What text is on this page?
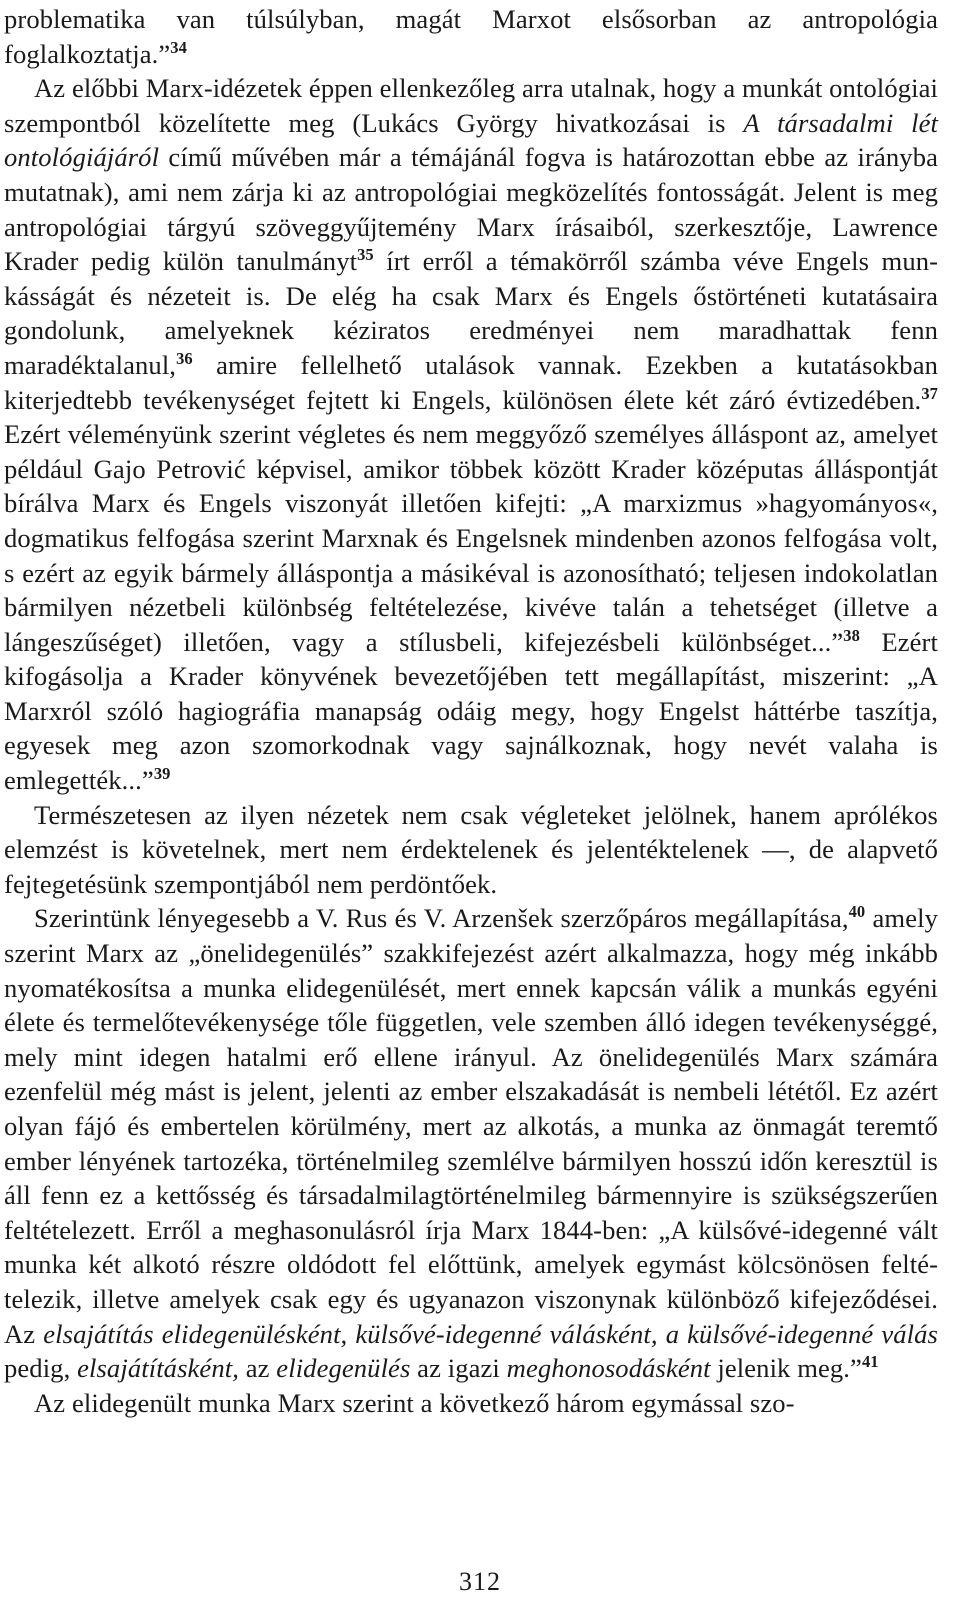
problematika van túlsúlyban, magát Marxot elsősorban az antropológia foglalkoztatja.”$^{34}$

Az előbbi Marx-idézetek éppen ellenkezőleg arra utalnak, hogy a munkát ontológiai szempontból közelítette meg (Lukács György hivatkozásai is A társadalmi lét ontológiájáról című művében már a témájánál fogva is határozottan ebbe az irányba mutatnak), ami nem zárja ki az antropológiai megközelítés fontosságát. Jelent is meg antropológiai tárgyú szöveggyűjtemény Marx írásaiból, szerkesztője, Lawrence Krader pedig külön tanulmányt$^{35}$ írt erről a témakörről számba véve Engels munkásságát és nézeteit is. De elég ha csak Marx és Engels őstörténeti kutatásaira gondolunk, amelyeknek kéziratos eredményei nem maradhattak fenn maradéktalanul,$^{36}$ amire fellelhető utalások vannak. Ezekben a kutatásokban kiterjedtebb tevékenységet fejtett ki Engels, különösen élete két záró évtizedében.$^{37}$ Ezért véleményünk szerint végletes és nem meggyőző személyes álláspont az, amelyet például Gajo Petrović képvisel, amikor többek között Krader középutas álláspontját bírálva Marx és Engels viszonyát illetően kifejti: „A marxizmus »hagyományos«, dogmatikus felfogása szerint Marxnak és Engelsnek mindenben azonos felfogása volt, s ezért az egyik bármely álláspontja a másikéval is azonosítható; teljesen indokolatlan bármilyen nézetbeli különbség feltételezése, kivéve talán a tehetséget (illetve a lángeszűséget) illetően, vagy a stílusbeli, kifejezésbeli különbséget...”$^{38}$ Ezért kifogásolja a Krader könyvének bevezetőjében tett megállapítást, miszerint: „A Marxról szóló hagiográfia manapság odáig megy, hogy Engelst háttérbe taszítja, egyesek meg azon szomorkodnak vagy sajnálkoznak, hogy nevét valaha is emlegették...”$^{39}$

Természetesen az ilyen nézetek nem csak végleteket jelölnek, hanem aprólékos elemzést is követelnek, mert nem érdektelenek és jelentéktelenek —, de alapvető fejtegetésünk szempontjából nem perdöntőek.

Szerintünk lényegesebb a V. Rus és V. Arzenšek szerzőpáros megállapítása,$^{40}$ amely szerint Marx az „önelidegenülés” szakkifejezést azért alkalmazza, hogy még inkább nyomatékosítsa a munka elidegenülését, mert ennek kapcsán válik a munkás egyéni élete és termelőtevékenysége tőle független, vele szemben álló idegen tevékenységgé, mely mint idegen hatalmi erő ellene irányul. Az önelidegenülés Marx számára ezenfelül még mást is jelent, jelenti az ember elszakadását is nembeli lététől. Ez azért olyan fájó és embertelen körülmény, mert az alkotás, a munka az önmagát teremtő ember lényének tartozéka, történelmileg szemlélve bármilyen hosszú időn keresztül is áll fenn ez a kettősség és társadalmilagtörténelmileg bármennyire is szükségszerűen feltételezett. Erről a meghasonulásról írja Marx 1844-ben: „A külsővé-idegenné vált munka két alkotó részre oldódott fel előttünk, amelyek egymást kölcsönösen feltételezik, illetve amelyek csak egy és ugyanazon viszonynak különböző kifejeződései. Az elsajátítás elidegenülésként, külsővé-idegenné válásként, a külsővé-idegenné válás pedig, elsajátításként, az elidegenülés az igazi meghonosodásként jelenik meg.”$^{41}$

Az elidegenült munka Marx szerint a következő három egymással szo-

312
